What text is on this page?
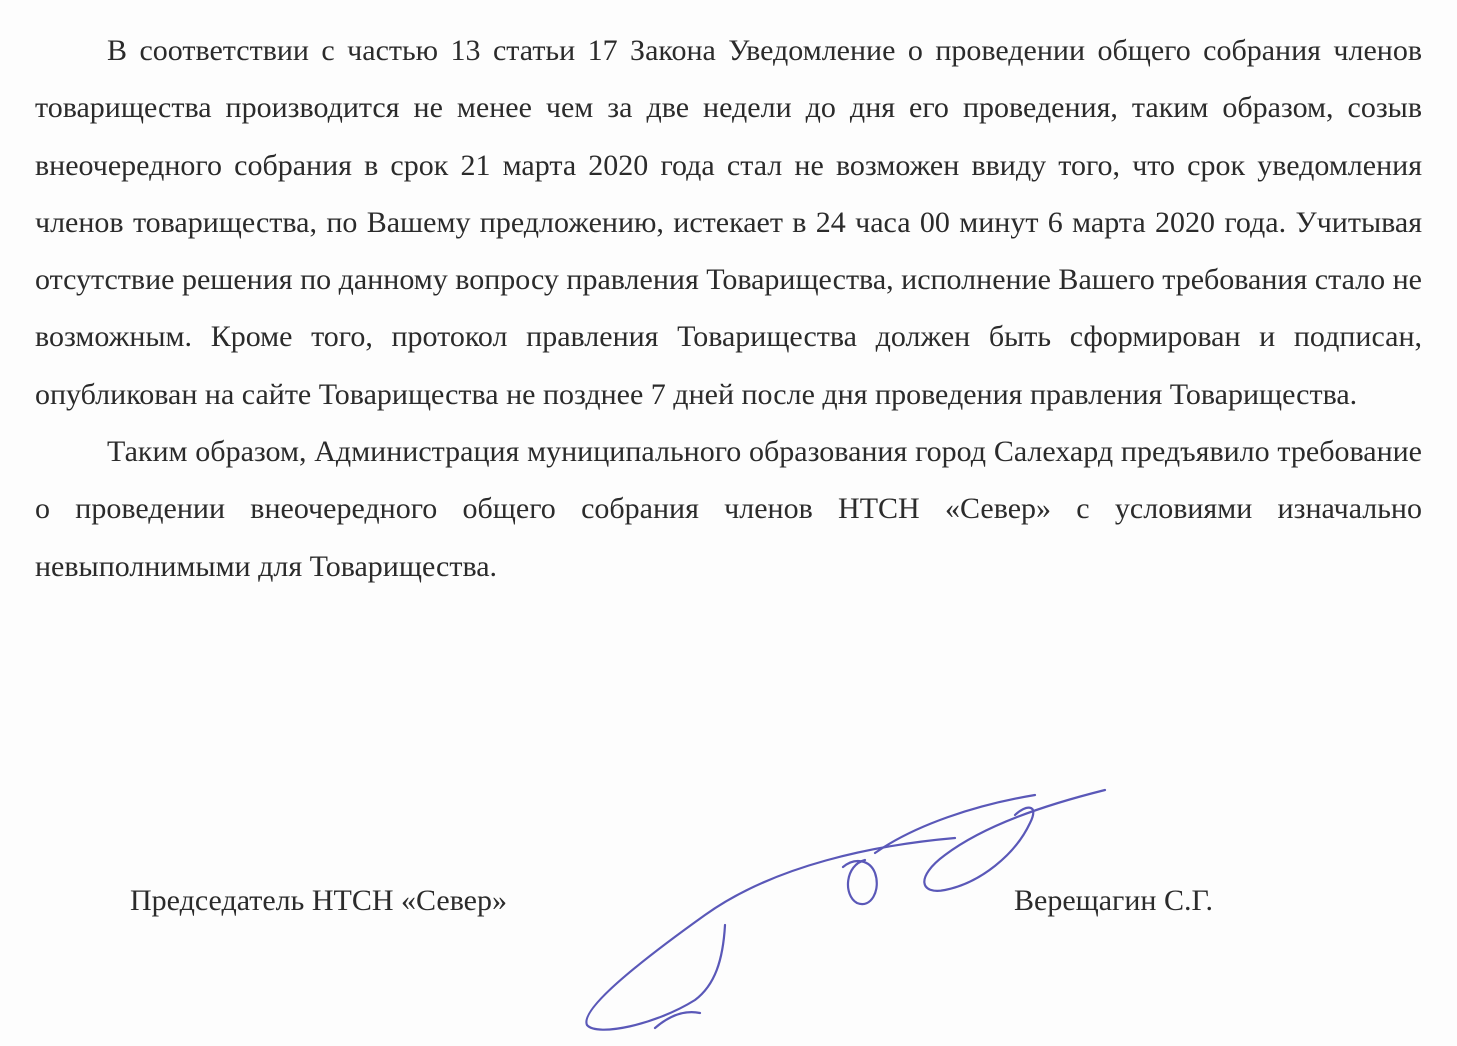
В соответствии с частью 13 статьи 17 Закона Уведомление о проведении общего собрания членов товарищества производится не менее чем за две недели до дня его проведения, таким образом, созыв внеочередного собрания в срок 21 марта 2020 года стал не возможен ввиду того, что срок уведомления членов товарищества, по Вашему предложению, истекает в 24 часа 00 минут 6 марта 2020 года. Учитывая отсутствие решения по данному вопросу правления Товарищества, исполнение Вашего требования стало не возможным. Кроме того, протокол правления Товарищества должен быть сформирован и подписан, опубликован на сайте Товарищества не позднее 7 дней после дня проведения правления Товарищества.

Таким образом, Администрация муниципального образования город Салехард предъявило требование о проведении внеочередного общего собрания членов НТСН «Север» с условиями изначально невыполнимыми для Товарищества.

Председатель НТСН «Север»	Верещагин С.Г.
